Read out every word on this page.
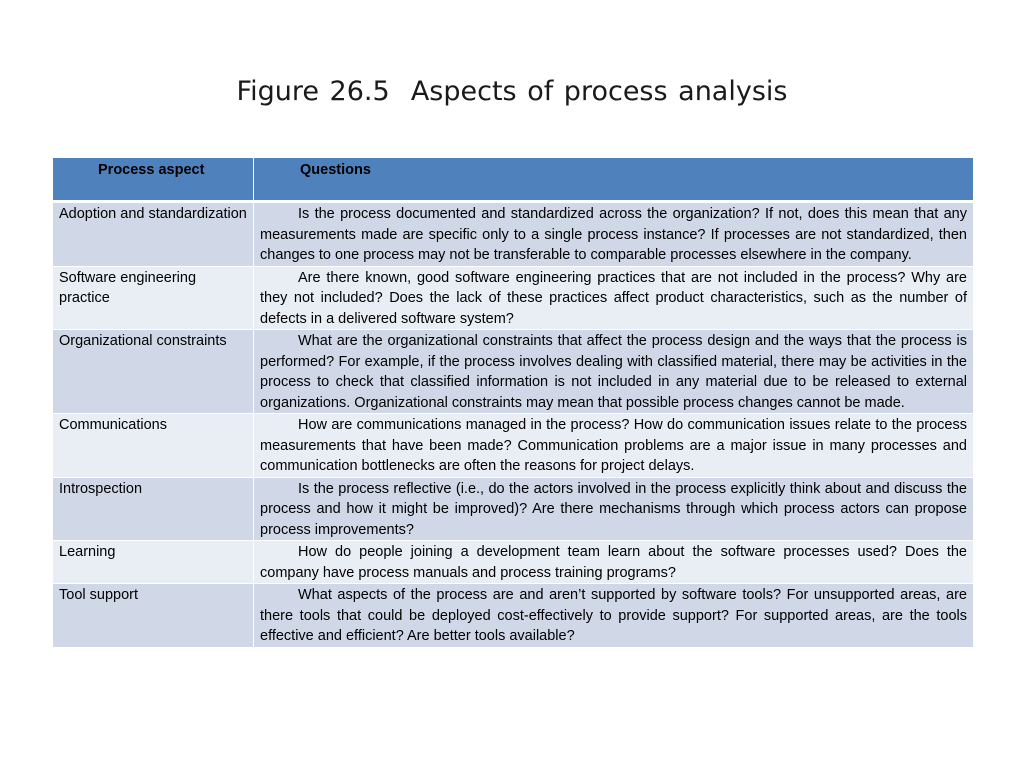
Figure 26.5  Aspects of process analysis
Process aspect	Questions
Adoption and standardization	Is the process documented and standardized across the organization? If not, does this mean that any measurements made are specific only to a single process instance? If processes are not standardized, then changes to one process may not be transferable to comparable processes elsewhere in the company.
Software engineering practice	Are there known, good software engineering practices that are not included in the process? Why are they not included? Does the lack of these practices affect product characteristics, such as the number of defects in a delivered software system?
Organizational constraints	What are the organizational constraints that affect the process design and the ways that the process is performed? For example, if the process involves dealing with classified material, there may be activities in the process to check that classified information is not included in any material due to be released to external organizations. Organizational constraints may mean that possible process changes cannot be made.
Communications	How are communications managed in the process? How do communication issues relate to the process measurements that have been made? Communication problems are a major issue in many processes and communication bottlenecks are often the reasons for project delays.
Introspection	Is the process reflective (i.e., do the actors involved in the process explicitly think about and discuss the process and how it might be improved)? Are there mechanisms through which process actors can propose process improvements?
Learning	How do people joining a development team learn about the software processes used? Does the company have process manuals and process training programs?
Tool support	What aspects of the process are and aren’t supported by software tools? For unsupported areas, are there tools that could be deployed cost-effectively to provide support? For supported areas, are the tools effective and efficient? Are better tools available?
